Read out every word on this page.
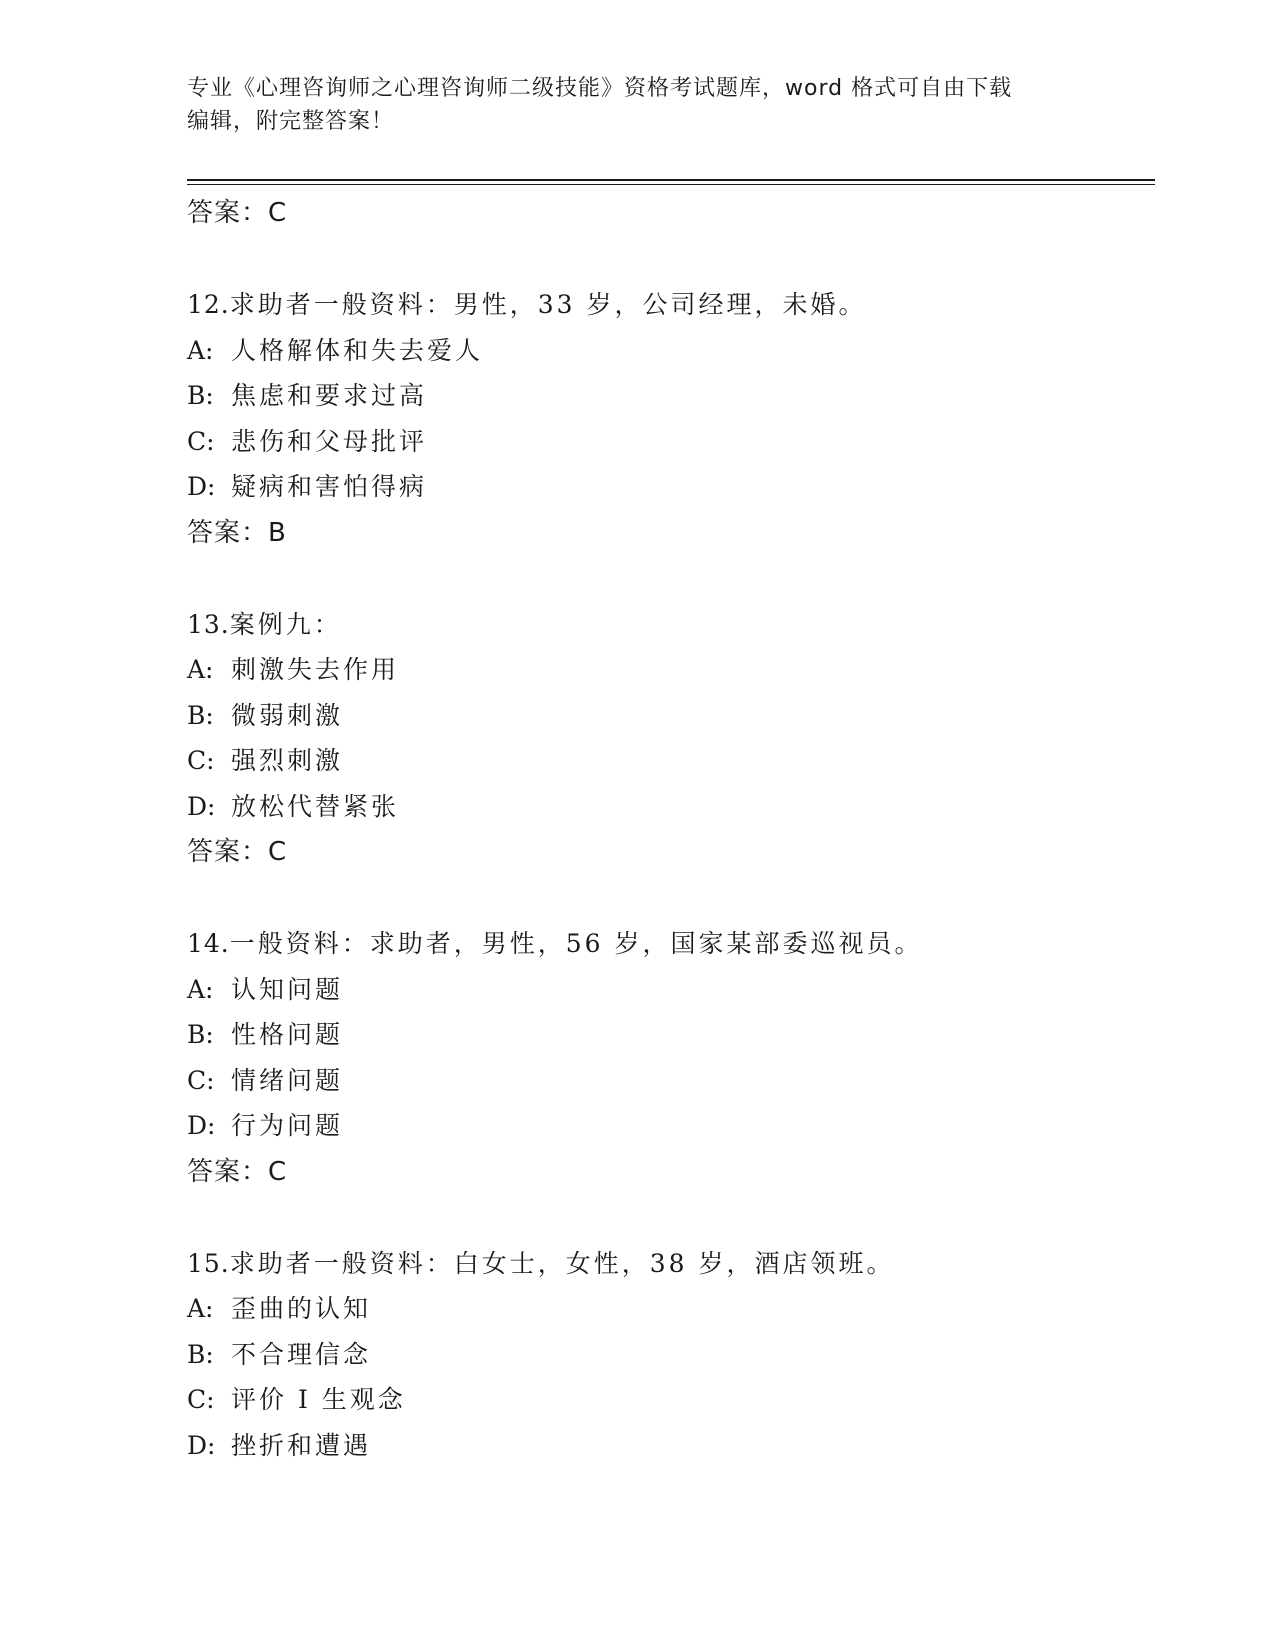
专业《心理咨询师之心理咨询师二级技能》资格考试题库，word 格式可自由下载
编辑，附完整答案！
答案：C
12.求助者一般资料：男性，33 岁，公司经理，未婚。
A: 人格解体和失去爱人
B: 焦虑和要求过高
C: 悲伤和父母批评
D: 疑病和害怕得病
答案：B
13.案例九：
A: 刺激失去作用
B: 微弱刺激
C: 强烈刺激
D: 放松代替紧张
答案：C
14.一般资料：求助者，男性，56 岁，国家某部委巡视员。
A: 认知问题
B: 性格问题
C: 情绪问题
D: 行为问题
答案：C
15.求助者一般资料：白女士，女性，38 岁，酒店领班。
A: 歪曲的认知
B: 不合理信念
C: 评价 I 生观念
D: 挫折和遭遇
